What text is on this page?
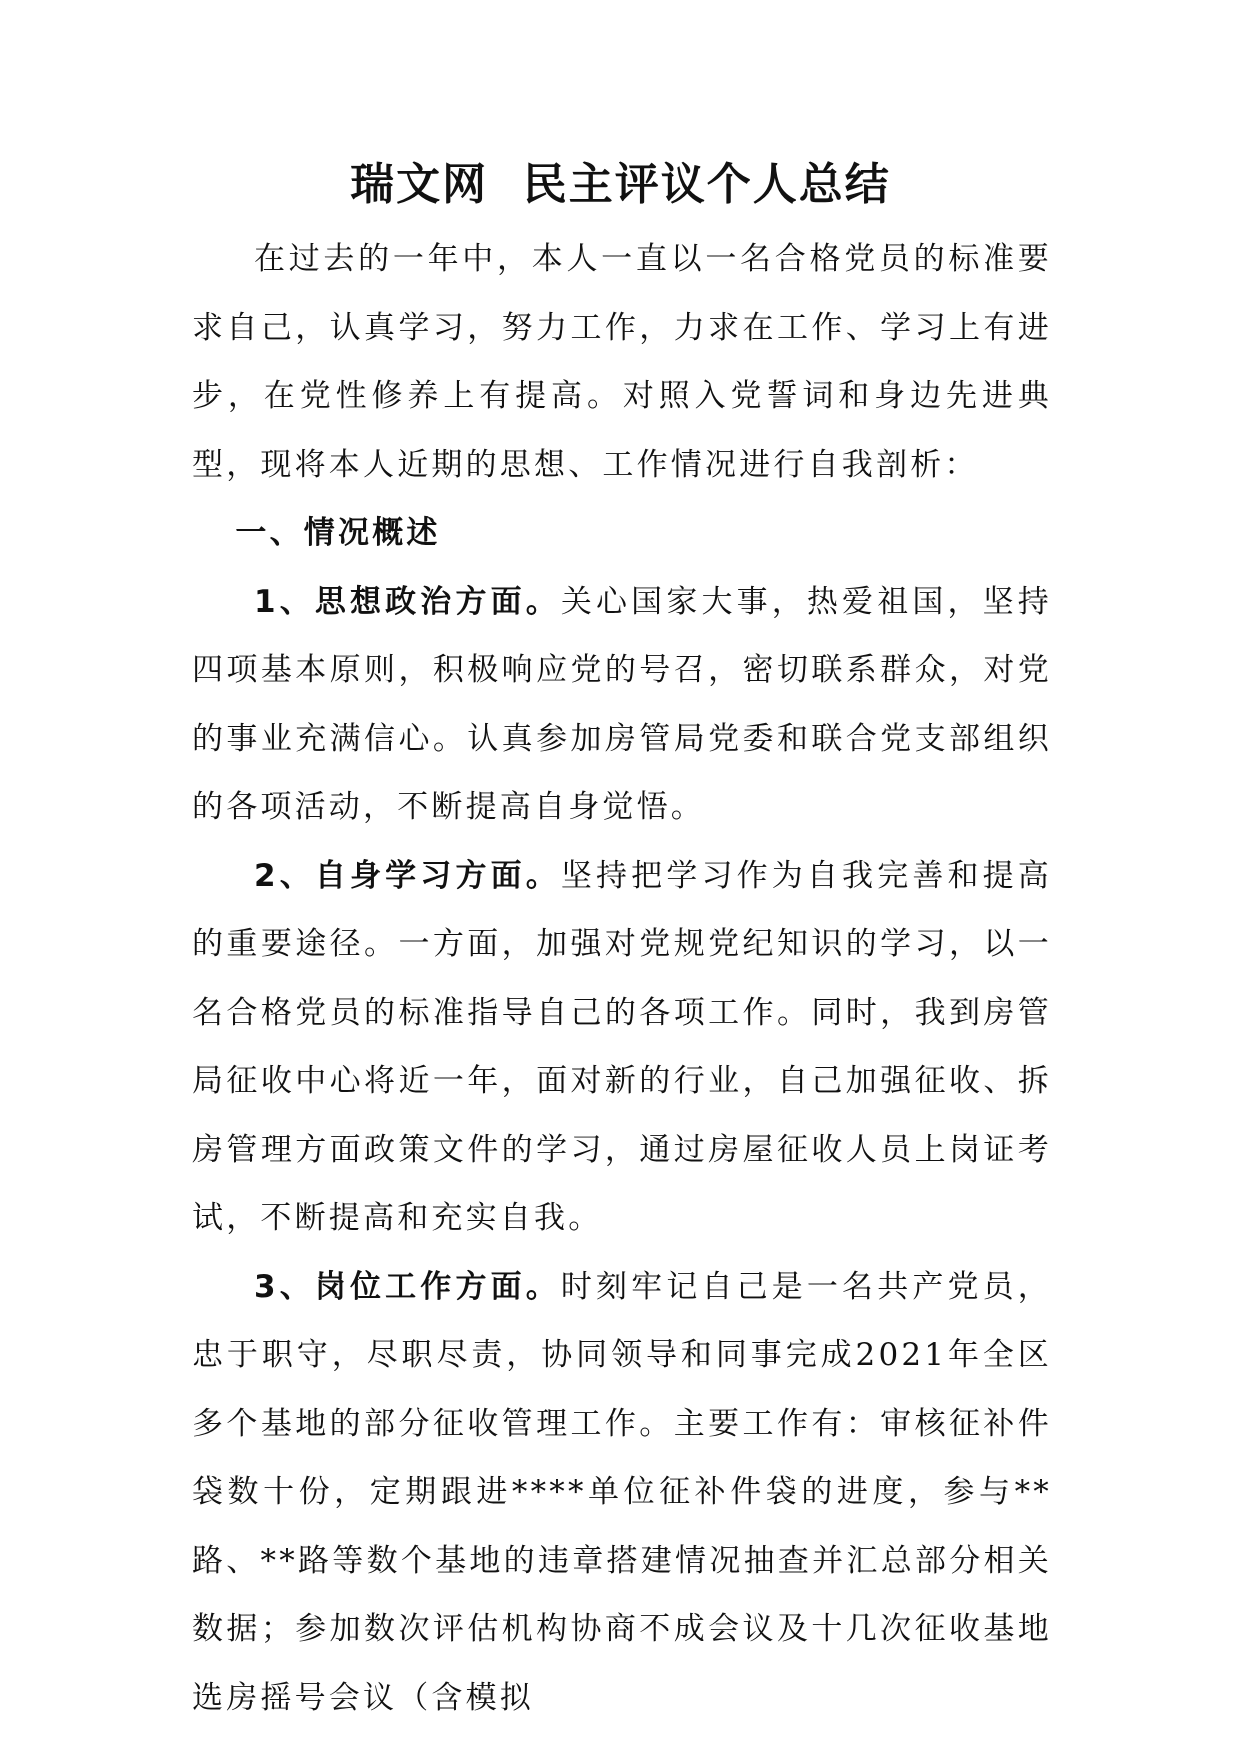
瑞文网  民主评议个人总结

在过去的一年中，本人一直以一名合格党员的标准要求自己，认真学习，努力工作，力求在工作、学习上有进步，在党性修养上有提高。对照入党誓词和身边先进典型，现将本人近期的思想、工作情况进行自我剖析：

一、情况概述

1、思想政治方面。关心国家大事，热爱祖国，坚持四项基本原则，积极响应党的号召，密切联系群众，对党的事业充满信心。认真参加房管局党委和联合党支部组织的各项活动，不断提高自身觉悟。

2、自身学习方面。坚持把学习作为自我完善和提高的重要途径。一方面，加强对党规党纪知识的学习，以一名合格党员的标准指导自己的各项工作。同时，我到房管局征收中心将近一年，面对新的行业，自己加强征收、拆房管理方面政策文件的学习，通过房屋征收人员上岗证考试，不断提高和充实自我。

3、岗位工作方面。时刻牢记自己是一名共产党员，忠于职守，尽职尽责，协同领导和同事完成2021年全区多个基地的部分征收管理工作。主要工作有：审核征补件袋数十份，定期跟进****单位征补件袋的进度，参与**路、**路等数个基地的违章搭建情况抽查并汇总部分相关数据；参加数次评估机构协商不成会议及十几次征收基地选房摇号会议（含模拟
